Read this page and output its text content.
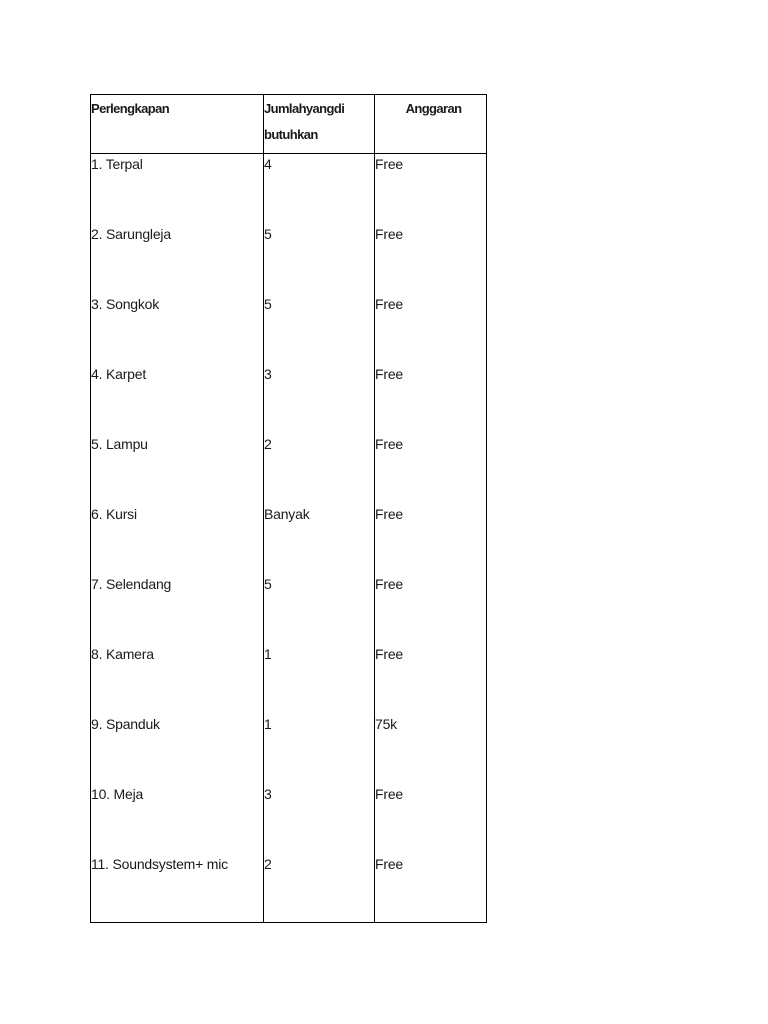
Perlengkapan	Jumlahyangdi butuhkan	Anggaran

1. Terpal	4	Free

2. Sarungleja	5	Free

3. Songkok	5	Free

4. Karpet	3	Free

5. Lampu	2	Free

6. Kursi	Banyak	Free

7. Selendang	5	Free

8. Kamera	1	Free

9. Spanduk	1	75k

10. Meja	3	Free

11. Soundsystem+ mic	2	Free
